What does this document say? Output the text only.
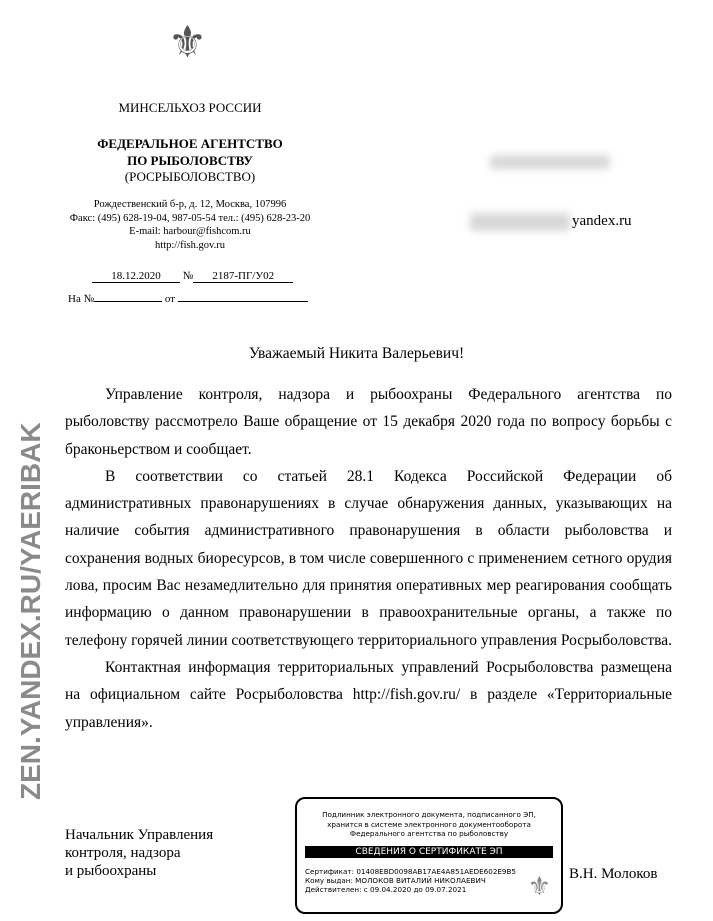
⚜
МИНСЕЛЬХОЗ РОССИИ
ФЕДЕРАЛЬНОЕ АГЕНТСТВО
ПО РЫБОЛОВСТВУ
(РОСРЫБОЛОВСТВО)
Рождественский б-р, д. 12, Москва, 107996
Факс: (495) 628-19-04, 987-05-54 тел.: (495) 628-23-20
E-mail: harbour@fishcom.ru
http://fish.gov.ru
18.12.2020 № 2187-ПГ/У02
На №	от
yandex.ru
Уважаемый Никита Валерьевич!

Управление контроля, надзора и рыбоохраны Федерального агентства по рыболовству рассмотрело Ваше обращение от 15 декабря 2020 года по вопросу борьбы с браконьерством и сообщает.

В соответствии со статьей 28.1 Кодекса Российской Федерации об административных правонарушениях в случае обнаружения данных, указывающих на наличие события административного правонарушения в области рыболовства и сохранения водных биоресурсов, в том числе совершенного с применением сетного орудия лова, просим Вас незамедлительно для принятия оперативных мер реагирования сообщать информацию о данном правонарушении в правоохранительные органы, а также по телефону горячей линии соответствующего территориального управления Росрыболовства.

Контактная информация территориальных управлений Росрыболовства размещена на официальном сайте Росрыболовства http://fish.gov.ru/ в разделе «Территориальные управления».

Начальник Управления
контроля, надзора
и рыбоохраны	В.Н. Молоков
Подлинник электронного документа, подписанного ЭП,
хранится в системе электронного документооборота
Федерального агентства по рыболовству
СВЕДЕНИЯ О СЕРТИФИКАТЕ ЭП
Сертификат: 01408EBD0098AB17AE4A851AEDE602E9B5
Кому выдан: МОЛОКОВ ВИТАЛИЙ НИКОЛАЕВИЧ
Действителен: с 09.04.2020 до 09.07.2021	⚜
ZEN.YANDEX.RU/YAERIBAK
